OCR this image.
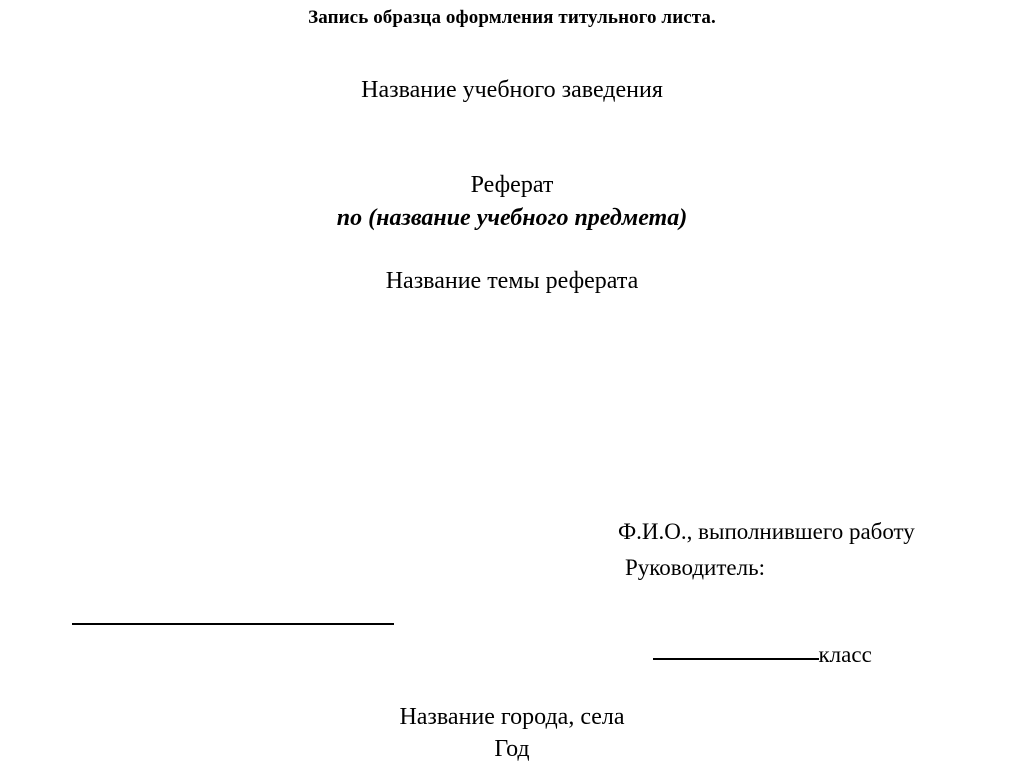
Запись образца оформления титульного листа.
Название учебного заведения
Реферат
по (название учебного предмета)
Название темы реферата

Ф.И.О., выполнившего работу

класс

Руководитель:
Название города, села
Год
